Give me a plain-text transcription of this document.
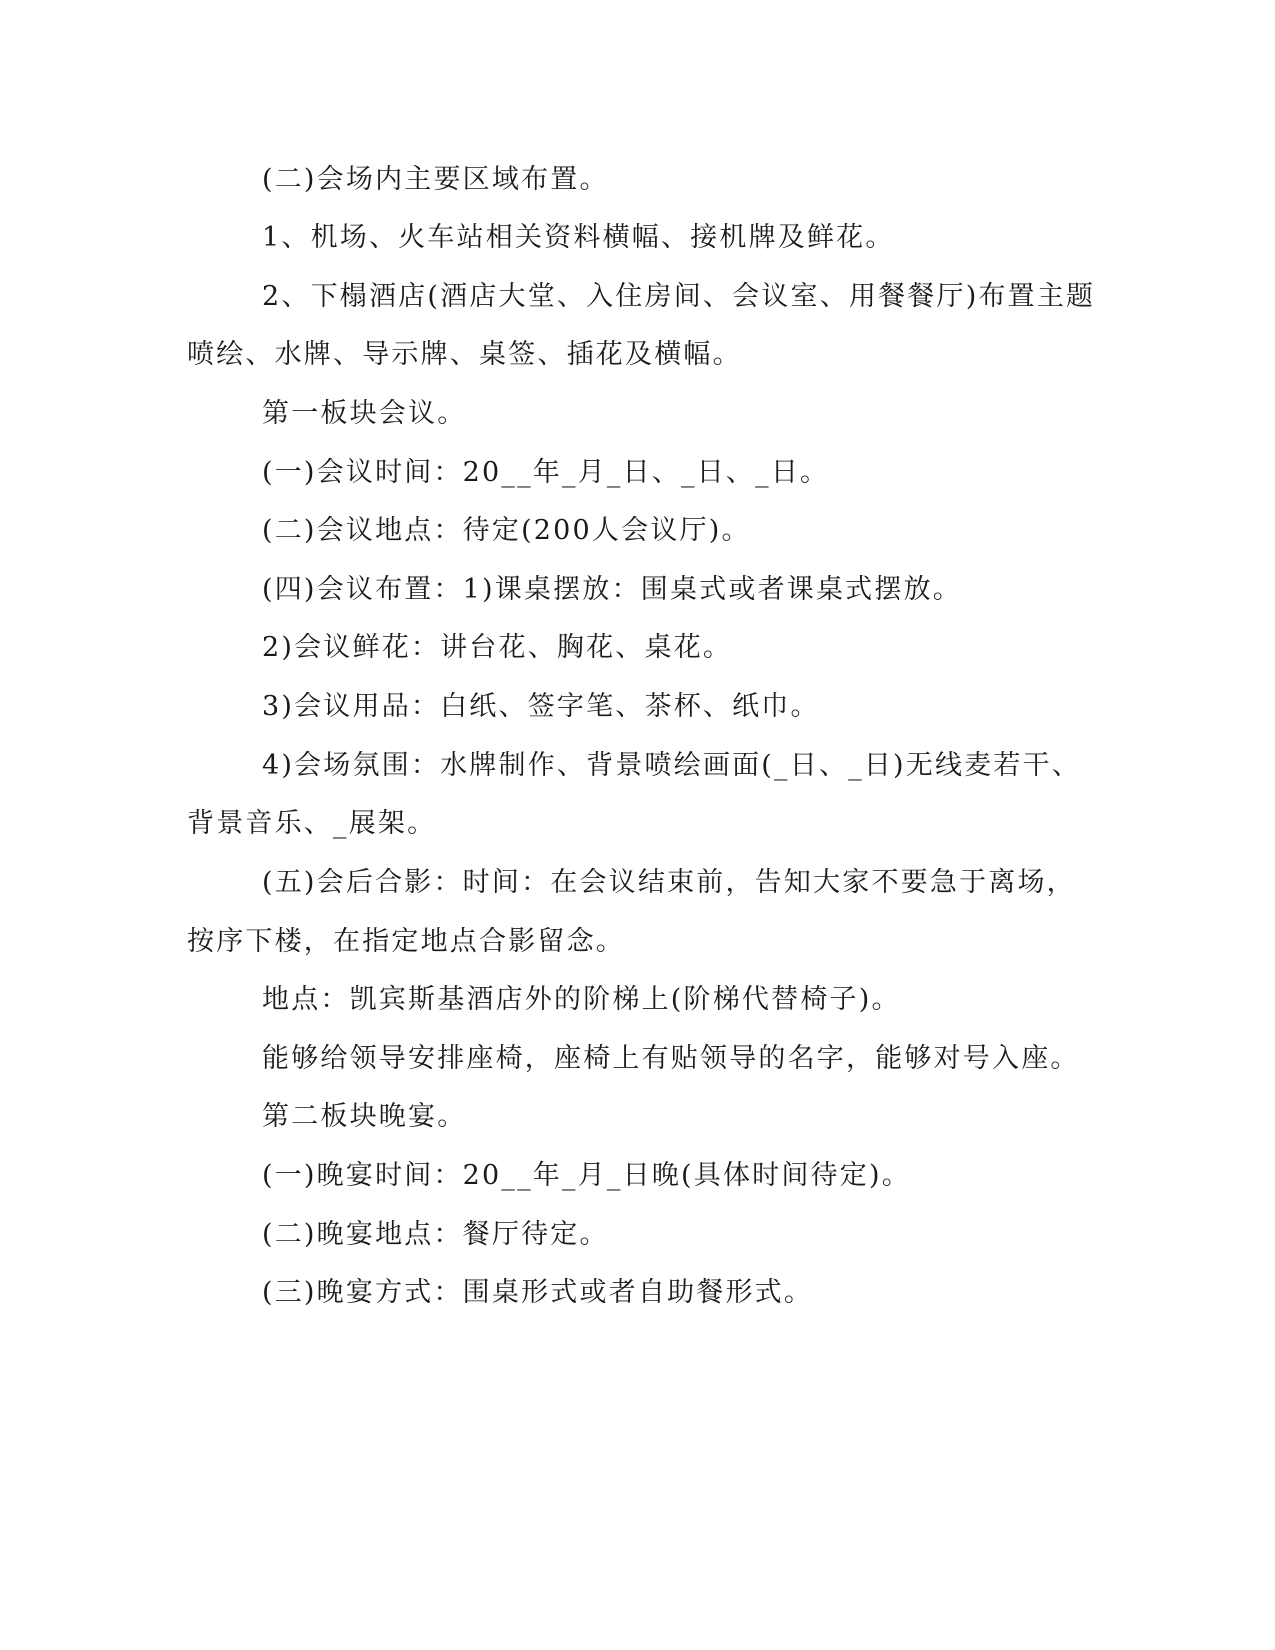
(二)会场内主要区域布置。
1、机场、火车站相关资料横幅、接机牌及鲜花。
2、下榻酒店(酒店大堂、入住房间、会议室、用餐餐厅)布置主题
喷绘、水牌、导示牌、桌签、插花及横幅。
第一板块会议。
(一)会议时间：20__年_月_日、_日、_日。
(二)会议地点：待定(200人会议厅)。
(四)会议布置：1)课桌摆放：围桌式或者课桌式摆放。
2)会议鲜花：讲台花、胸花、桌花。
3)会议用品：白纸、签字笔、茶杯、纸巾。
4)会场氛围：水牌制作、背景喷绘画面(_日、_日)无线麦若干、
背景音乐、_展架。
(五)会后合影：时间：在会议结束前，告知大家不要急于离场，
按序下楼，在指定地点合影留念。
地点：凯宾斯基酒店外的阶梯上(阶梯代替椅子)。
能够给领导安排座椅，座椅上有贴领导的名字，能够对号入座。
第二板块晚宴。
(一)晚宴时间：20__年_月_日晚(具体时间待定)。
(二)晚宴地点：餐厅待定。
(三)晚宴方式：围桌形式或者自助餐形式。
